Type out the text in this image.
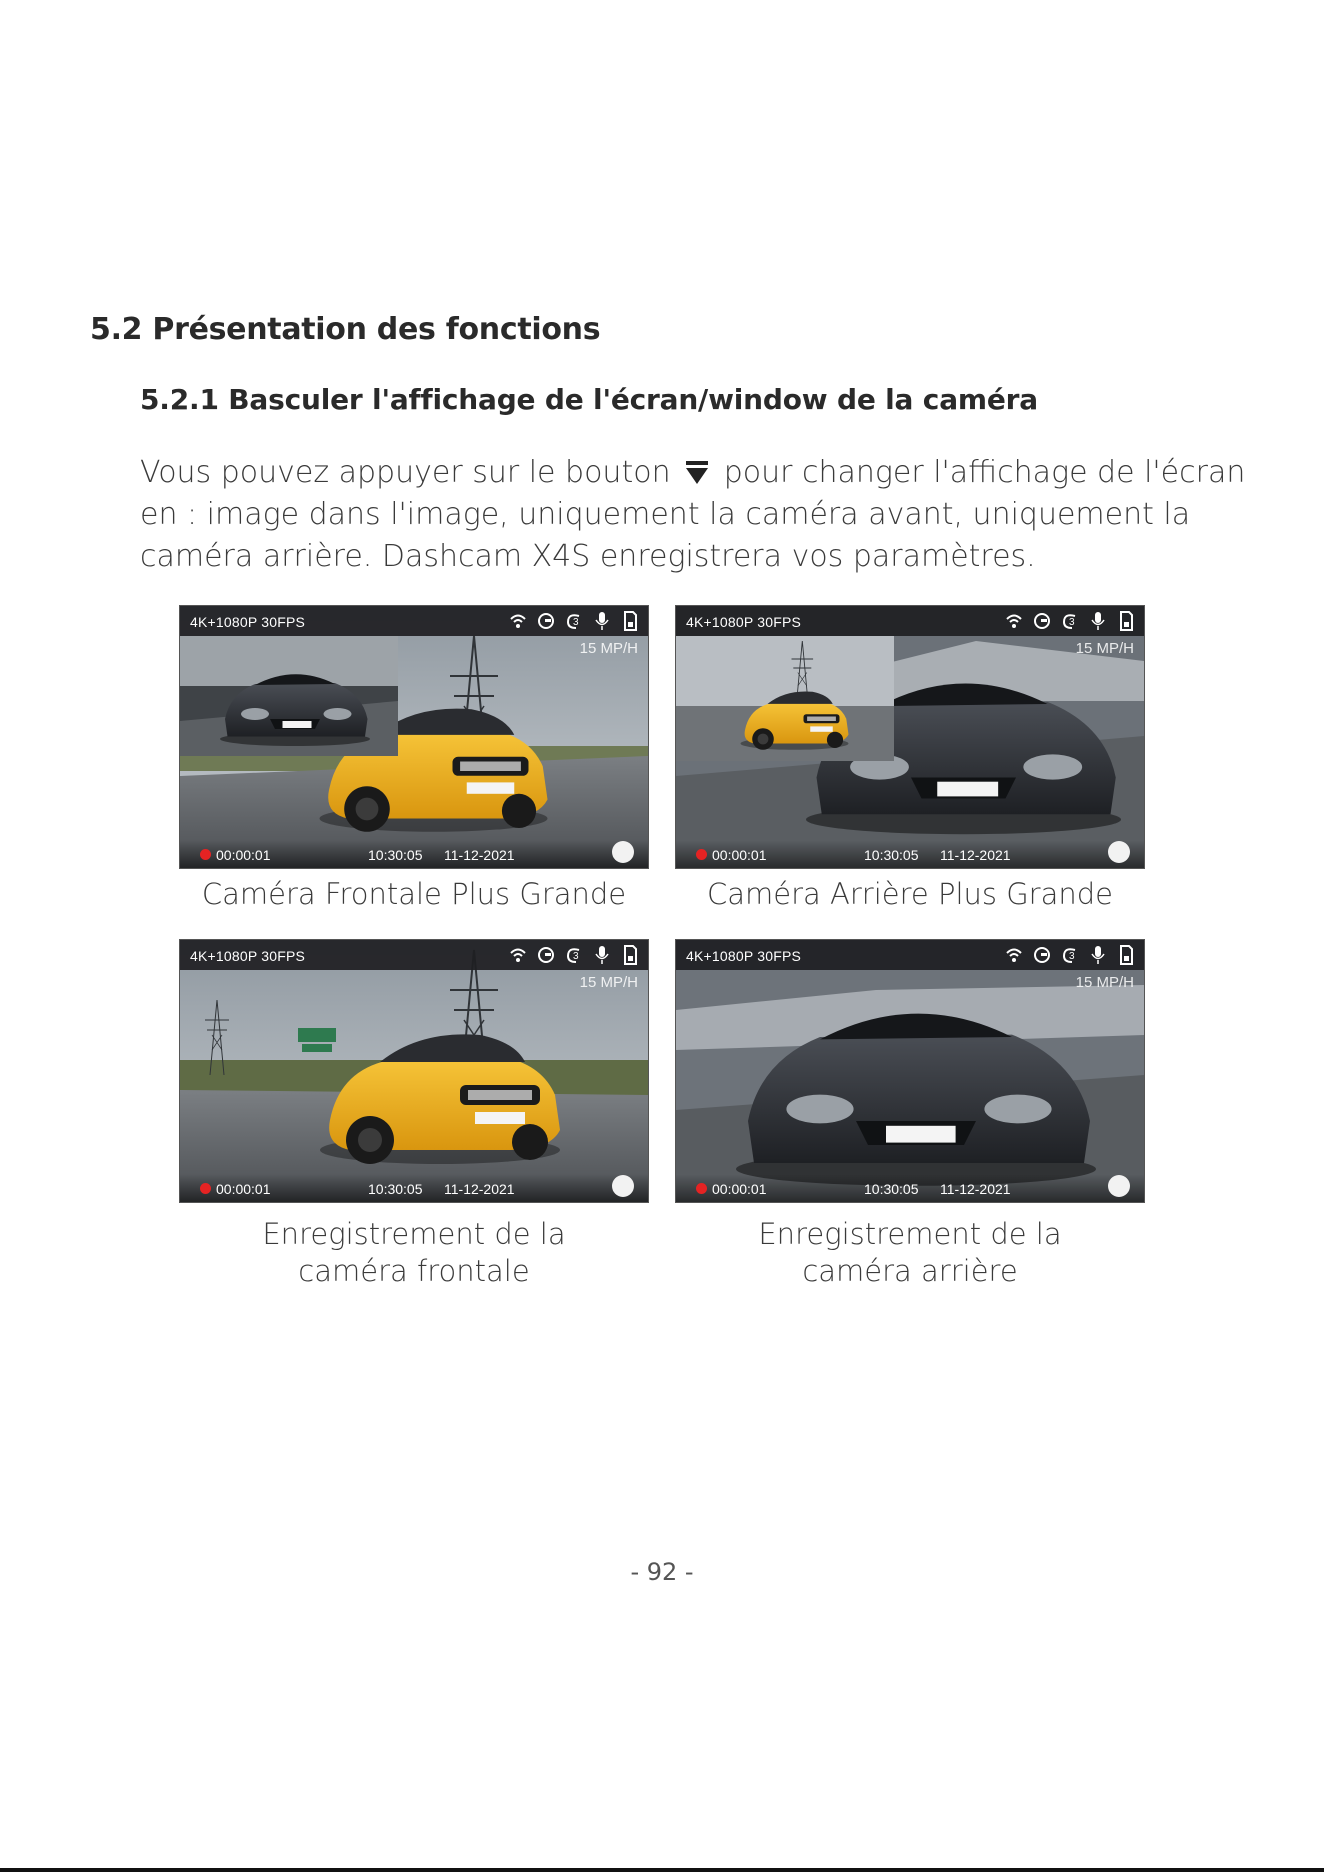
5.2 Présentation des fonctions
5.2.1 Basculer l'affichage de l'écran/window de la caméra
Vous pouvez appuyer sur le bouton pour changer l'affichage de l'écran en : image dans l'image, uniquement la caméra avant, uniquement la caméra arrière. Dashcam X4S enregistrera vos paramètres.
4K+1080P 30FPS	3
15 MP/H
00:00:01	10:30:05 11-12-2021
Caméra Frontale Plus Grande
4K+1080P 30FPS	3
15 MP/H
00:00:01	10:30:05 11-12-2021
Caméra Arrière Plus Grande
4K+1080P 30FPS	3
15 MP/H
00:00:01	10:30:05 11-12-2021
Enregistrement de la
caméra frontale
4K+1080P 30FPS	3
15 MP/H
00:00:01	10:30:05 11-12-2021
Enregistrement de la
caméra arrière
- 92 -
